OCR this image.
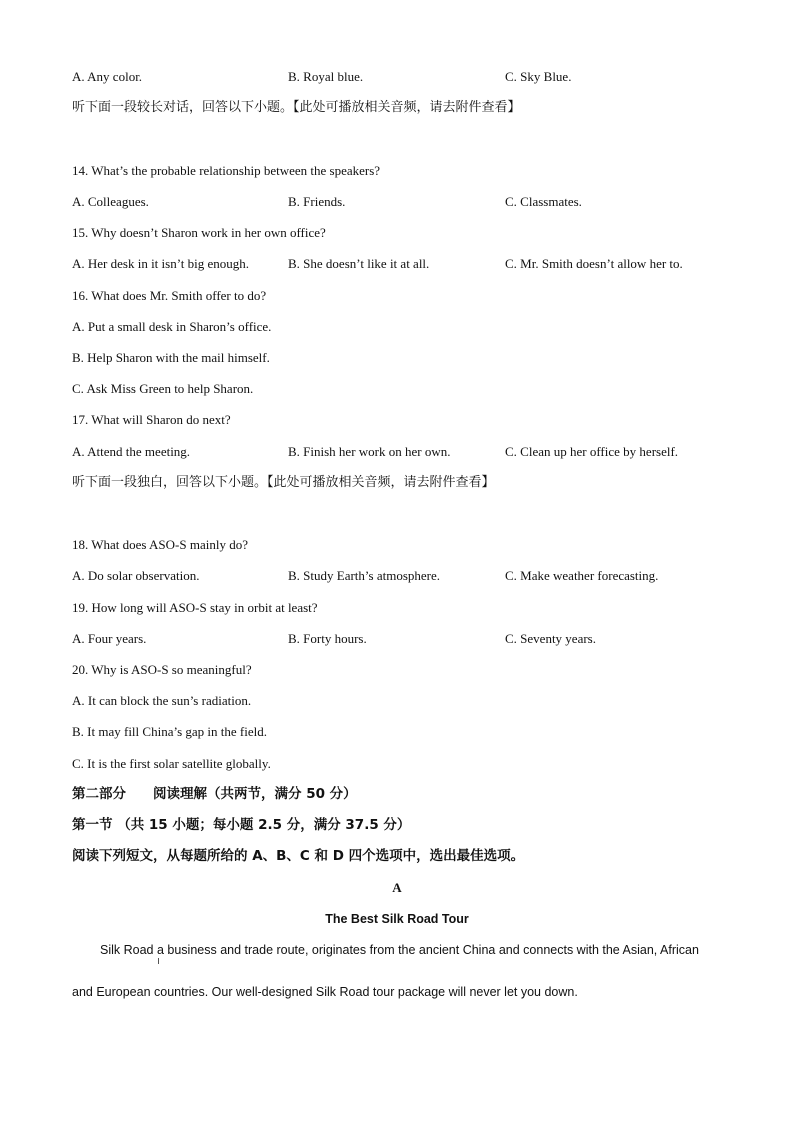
A. Any color.	B. Royal blue.	C. Sky Blue.
听下面一段较长对话，回答以下小题。【此处可播放相关音频，请去附件查看】
14. What’s the probable relationship between the speakers?
A. Colleagues.	B. Friends.	C. Classmates.
15. Why doesn’t Sharon work in her own office?
A. Her desk in it isn’t big enough.	B. She doesn’t like it at all.	C. Mr. Smith doesn’t allow her to.
16. What does Mr. Smith offer to do?
A. Put a small desk in Sharon’s office.
B. Help Sharon with the mail himself.
C. Ask Miss Green to help Sharon.
17. What will Sharon do next?
A. Attend the meeting.	B. Finish her work on her own.	C. Clean up her office by herself.
听下面一段独白，回答以下小题。【此处可播放相关音频，请去附件查看】
18. What does ASO-S mainly do?
A. Do solar observation.	B. Study Earth’s atmosphere.	C. Make weather forecasting.
19. How long will ASO-S stay in orbit at least?
A. Four years.	B. Forty hours.	C. Seventy years.
20. Why is ASO-S so meaningful?
A. It can block the sun’s radiation.
B. It may fill China’s gap in the field.
C. It is the first solar satellite globally.
第二部分　　阅读理解（共两节，满分 50 分）
第一节 （共 15 小题；每小题 2.5 分，满分 37.5 分）
阅读下列短文，从每题所给的 A、B、C 和 D 四个选项中，选出最佳选项。
A
The Best Silk Road Tour
Silk Road a business and trade route, originates from the ancient China and connects with the Asian, African
and European countries. Our well-designed Silk Road tour package will never let you down.
